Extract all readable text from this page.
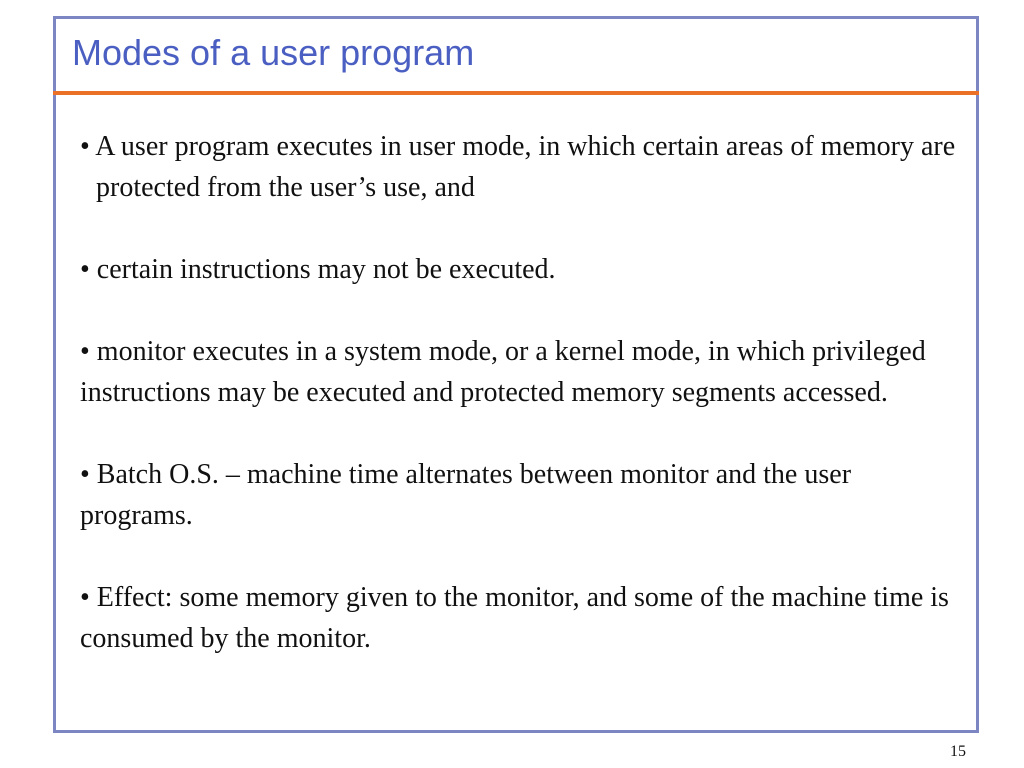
Modes of a user program

• A user program executes in user mode, in which certain areas of memory are protected from the user’s use, and

• certain instructions may not be executed.

• monitor executes in a system mode, or a kernel mode, in which privileged instructions may be executed and protected memory segments accessed.

• Batch O.S. – machine time alternates between monitor and the user programs.

• Effect: some memory given to the monitor, and some of the machine time is consumed by the monitor.

15
